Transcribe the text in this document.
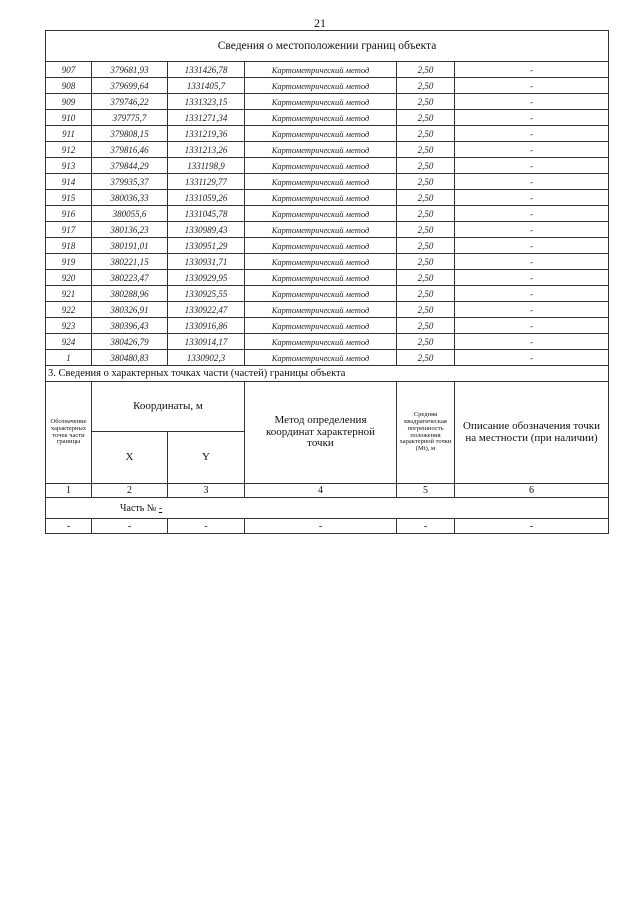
21
Сведения о местоположении границ объекта					
907	379681,93	1331426,78	Картометрический метод	2,50	-
908	379699,64	1331405,7	Картометрический метод	2,50	-
909	379746,22	1331323,15	Картометрический метод	2,50	-
910	379775,7	1331271,34	Картометрический метод	2,50	-
911	379808,15	1331219,36	Картометрический метод	2,50	-
912	379816,46	1331213,26	Картометрический метод	2,50	-
913	379844,29	1331198,9	Картометрический метод	2,50	-
914	379935,37	1331129,77	Картометрический метод	2,50	-
915	380036,33	1331059,26	Картометрический метод	2,50	-
916	380055,6	1331045,78	Картометрический метод	2,50	-
917	380136,23	1330989,43	Картометрический метод	2,50	-
918	380191,01	1330951,29	Картометрический метод	2,50	-
919	380221,15	1330931,71	Картометрический метод	2,50	-
920	380223,47	1330929,95	Картометрический метод	2,50	-
921	380288,96	1330925,55	Картометрический метод	2,50	-
922	380326,91	1330922,47	Картометрический метод	2,50	-
923	380396,43	1330916,86	Картометрический метод	2,50	-
924	380426,79	1330914,17	Картометрический метод	2,50	-
1	380480,83	1330902,3	Картометрический метод	2,50	-
3. Сведения о характерных точках части (частей) границы объекта					
Обозначение характерных точек части границы	Координаты, м		Метод определения координат характерной точки	Средняя квадратическая погрешность положения характерной точки (Mt), м	Описание обозначения точки на местности (при наличии)
	X	Y			
1	2	3	4	5	6
Часть № -					
-	-	-	-	-	-
